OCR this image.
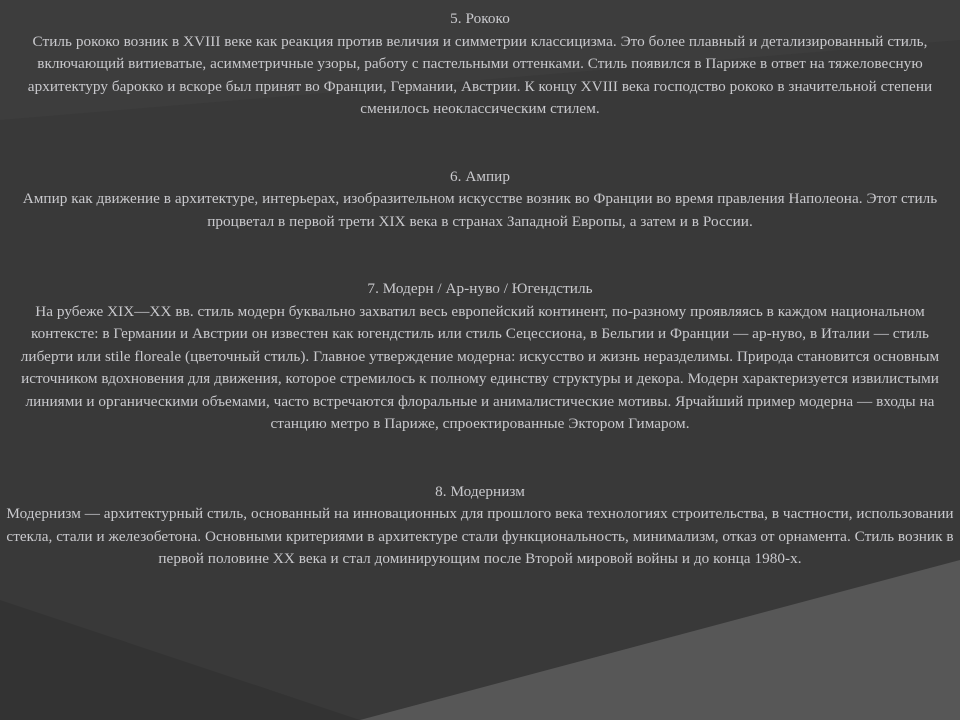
5. Рококо

Стиль рококо возник в XVIII веке как реакция против величия и симметрии классицизма. Это более плавный и детализированный стиль, включающий витиеватые, асимметричные узоры, работу с пастельными оттенками. Стиль появился в Париже в ответ на тяжеловесную архитектуру барокко и вскоре был принят во Франции, Германии, Австрии. К концу XVIII века господство рококо в значительной степени сменилось неоклассическим стилем.

6. Ампир

Ампир как движение в архитектуре, интерьерах, изобразительном искусстве возник во Франции во время правления Наполеона. Этот стиль процветал в первой трети XIX века в странах Западной Европы, а затем и в России.

7. Модерн / Ар-нуво / Югендстиль

На рубеже XIX—XX вв. стиль модерн буквально захватил весь европейский континент, по-разному проявляясь в каждом национальном контексте: в Германии и Австрии он известен как югендстиль или стиль Сецессиона, в Бельгии и Франции — ар-нуво, в Италии — стиль либерти или stile floreale (цветочный стиль). Главное утверждение модерна: искусство и жизнь неразделимы. Природа становится основным источником вдохновения для движения, которое стремилось к полному единству структуры и декора. Модерн характеризуется извилистыми линиями и органическими объемами, часто встречаются флоральные и анималистические мотивы. Ярчайший пример модерна — входы на станцию метро в Париже, спроектированные Эктором Гимаром.

8. Модернизм

Модернизм — архитектурный стиль, основанный на инновационных для прошлого века технологиях строительства, в частности, использовании стекла, стали и железобетона. Основными критериями в архитектуре стали функциональность, минимализм, отказ от орнамента. Стиль возник в первой половине XX века и стал доминирующим после Второй мировой войны и до конца 1980-х.
